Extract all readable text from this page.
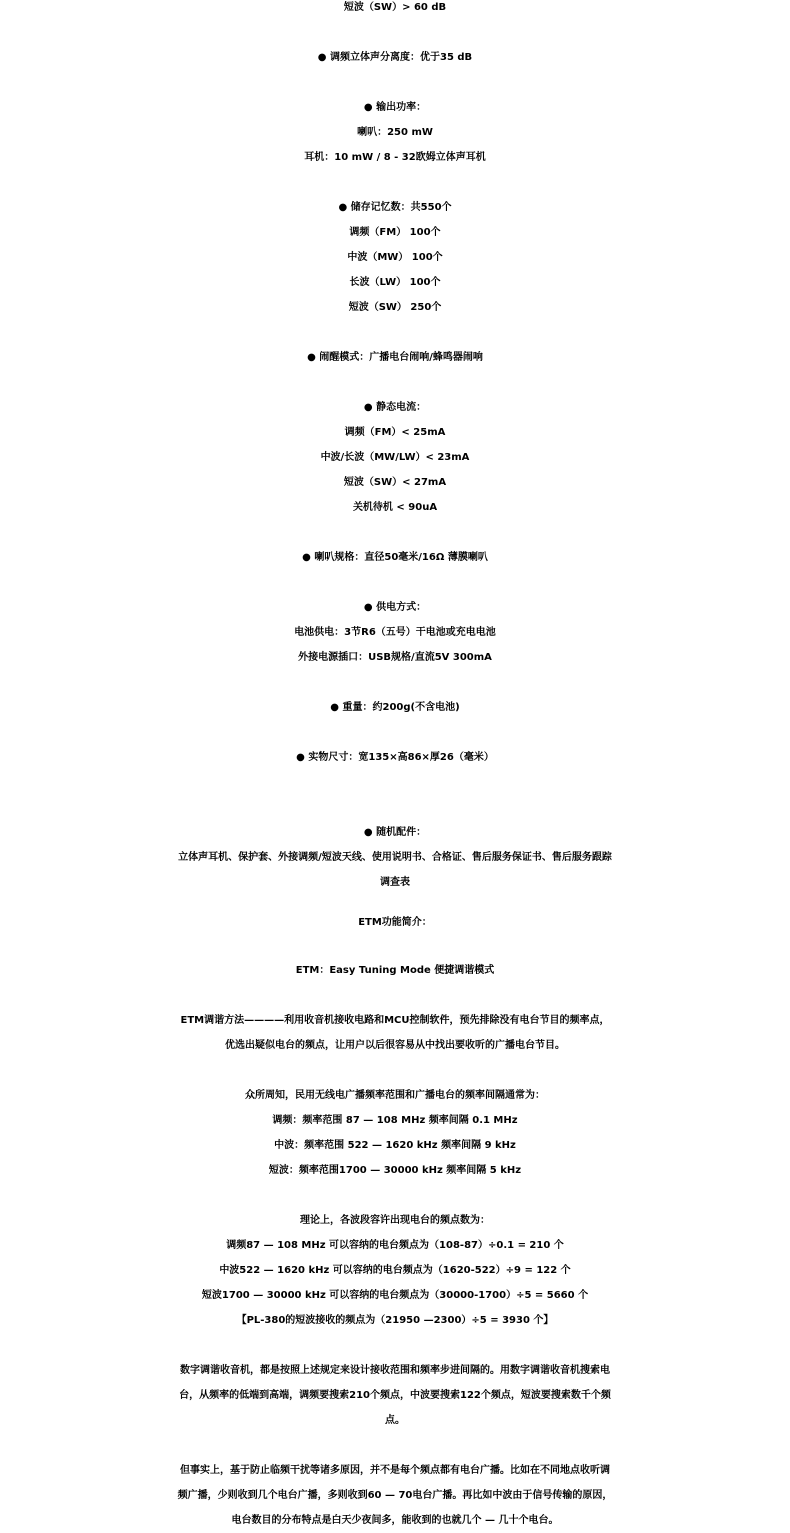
短波（SW）> 60 dB
● 调频立体声分离度：优于35 dB
● 输出功率：
喇叭：250 mW
耳机：10 mW / 8 - 32欧姆立体声耳机
● 储存记忆数：共550个
调频（FM） 100个
中波（MW） 100个
长波（LW） 100个
短波（SW） 250个
● 闹醒模式：广播电台闹响/蜂鸣器闹响
● 静态电流：
调频（FM）< 25mA
中波/长波（MW/LW）< 23mA
短波（SW）< 27mA
关机待机 < 90uA
● 喇叭规格：直径50毫米/16Ω 薄膜喇叭
● 供电方式：
电池供电：3节R6（五号）干电池或充电电池
外接电源插口：USB规格/直流5V 300mA
● 重量：约200g(不含电池)
● 实物尺寸：宽135×高86×厚26（毫米）
● 随机配件：
立体声耳机、保护套、外接调频/短波天线、使用说明书、合格证、售后服务保证书、售后服务跟踪
调查表
ETM功能简介：
ETM：Easy Tuning Mode 便捷调谐模式
ETM调谐方法————利用收音机接收电路和MCU控制软件，预先排除没有电台节目的频率点，
优选出疑似电台的频点，让用户以后很容易从中找出要收听的广播电台节目。
众所周知，民用无线电广播频率范围和广播电台的频率间隔通常为：
调频：频率范围 87 — 108 MHz 频率间隔 0.1 MHz
中波：频率范围 522 — 1620 kHz 频率间隔 9 kHz
短波：频率范围1700 — 30000 kHz 频率间隔 5 kHz
理论上，各波段容许出现电台的频点数为：
调频87 — 108 MHz 可以容纳的电台频点为（108-87）÷0.1 = 210 个
中波522 — 1620 kHz 可以容纳的电台频点为（1620-522）÷9 = 122 个
短波1700 — 30000 kHz 可以容纳的电台频点为（30000-1700）÷5 = 5660 个
【PL-380的短波接收的频点为（21950 —2300）÷5 = 3930 个】
数字调谐收音机，都是按照上述规定来设计接收范围和频率步进间隔的。用数字调谐收音机搜索电
台，从频率的低端到高端，调频要搜索210个频点，中波要搜索122个频点，短波要搜索数千个频
点。
但事实上，基于防止临频干扰等诸多原因，并不是每个频点都有电台广播。比如在不同地点收听调
频广播，少则收到几个电台广播，多则收到60 — 70电台广播。再比如中波由于信号传输的原因，
电台数目的分布特点是白天少夜间多，能收到的也就几个 — 几十个电台。
